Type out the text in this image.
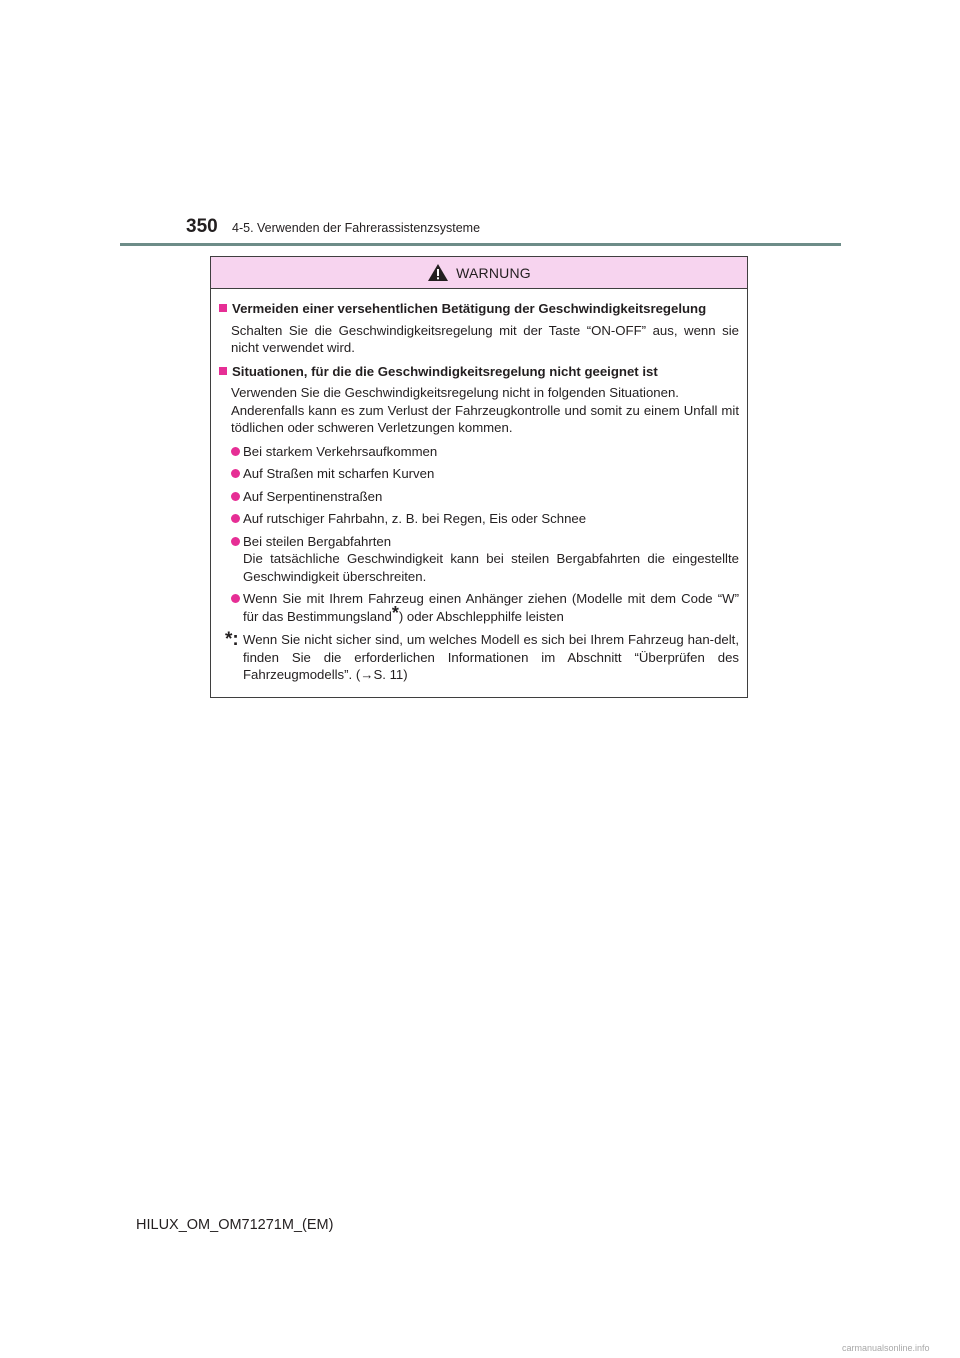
350 4-5. Verwenden der Fahrerassistenzsysteme
WARNUNG
Vermeiden einer versehentlichen Betätigung der Geschwindigkeitsregelung
Schalten Sie die Geschwindigkeitsregelung mit der Taste “ON-OFF” aus, wenn sie nicht verwendet wird.
Situationen, für die die Geschwindigkeitsregelung nicht geeignet ist
Verwenden Sie die Geschwindigkeitsregelung nicht in folgenden Situationen.
Anderenfalls kann es zum Verlust der Fahrzeugkontrolle und somit zu einem Unfall mit tödlichen oder schweren Verletzungen kommen.
Bei starkem Verkehrsaufkommen
Auf Straßen mit scharfen Kurven
Auf Serpentinenstraßen
Auf rutschiger Fahrbahn, z. B. bei Regen, Eis oder Schnee
Bei steilen Bergabfahrten
Die tatsächliche Geschwindigkeit kann bei steilen Bergabfahrten die eingestellte Geschwindigkeit überschreiten.
Wenn Sie mit Ihrem Fahrzeug einen Anhänger ziehen (Modelle mit dem Code “W” für das Bestimmungsland*) oder Abschlepphilfe leisten
*: Wenn Sie nicht sicher sind, um welches Modell es sich bei Ihrem Fahrzeug han-delt, finden Sie die erforderlichen Informationen im Abschnitt “Überprüfen des Fahrzeugmodells”. (→S. 11)
HILUX_OM_OM71271M_(EM)
carmanualsonline.info
